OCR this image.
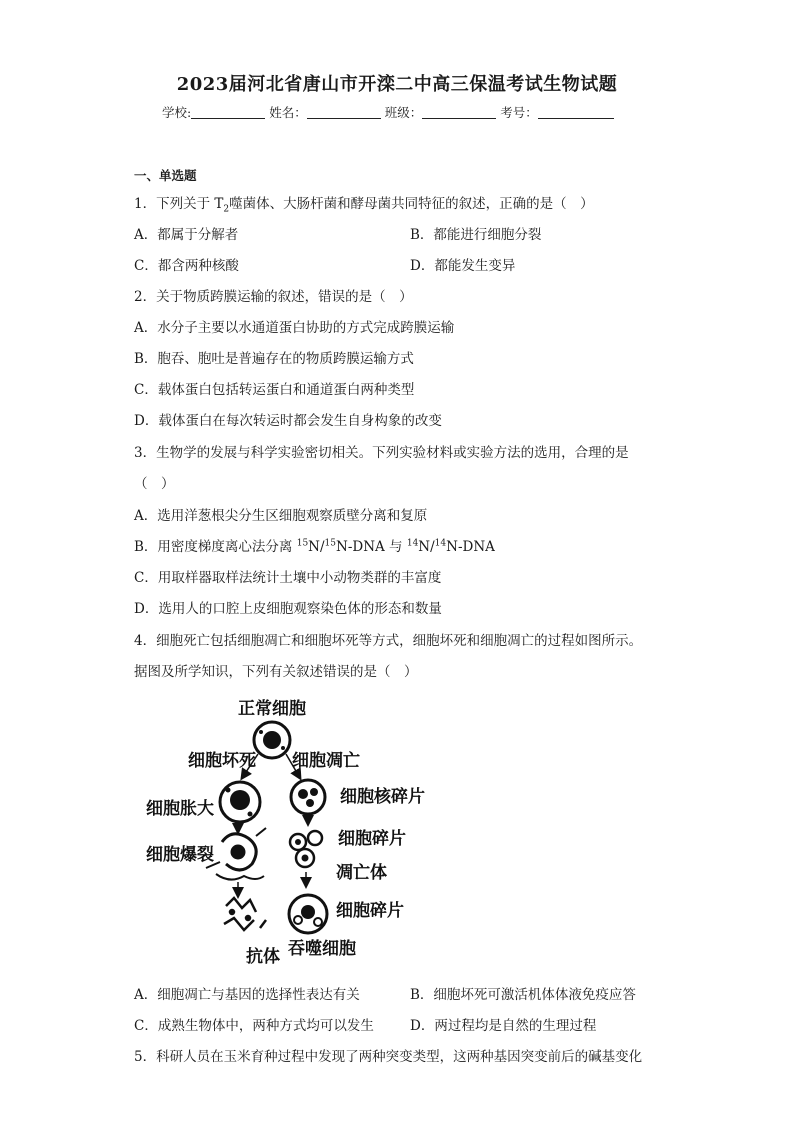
2023届河北省唐山市开滦二中高三保温考试生物试题
学校:	姓名：	班级：	考号：
一、单选题
1．下列关于 $T_2$噬菌体、大肠杆菌和酵母菌共同特征的叙述，正确的是（　）
A．都属于分解者	B．都能进行细胞分裂
C．都含两种核酸	D．都能发生变异
2．关于物质跨膜运输的叙述，错误的是（　）
A．水分子主要以水通道蛋白协助的方式完成跨膜运输
B．胞吞、胞吐是普遍存在的物质跨膜运输方式
C．载体蛋白包括转运蛋白和通道蛋白两种类型
D．载体蛋白在每次转运时都会发生自身构象的改变
3．生物学的发展与科学实验密切相关。下列实验材料或实验方法的选用，合理的是
（　）
A．选用洋葱根尖分生区细胞观察质壁分离和复原
B．用密度梯度离心法分离 $^{15}$N/$^{15}$N-DNA 与 $^{14}$N/$^{14}$N-DNA
C．用取样器取样法统计土壤中小动物类群的丰富度
D．选用人的口腔上皮细胞观察染色体的形态和数量
4．细胞死亡包括细胞凋亡和细胞坏死等方式，细胞坏死和细胞凋亡的过程如图所示。
据图及所学知识，下列有关叙述错误的是（　）
正常细胞
细胞坏死 细胞凋亡
细胞胀大
细胞核碎片
细胞爆裂
细胞碎片
凋亡体
细胞碎片
抗体 吞噬细胞
A．细胞凋亡与基因的选择性表达有关	B．细胞坏死可激活机体体液免疫应答
C．成熟生物体中，两种方式均可以发生	D．两过程均是自然的生理过程
5．科研人员在玉米育种过程中发现了两种突变类型，这两种基因突变前后的碱基变化
